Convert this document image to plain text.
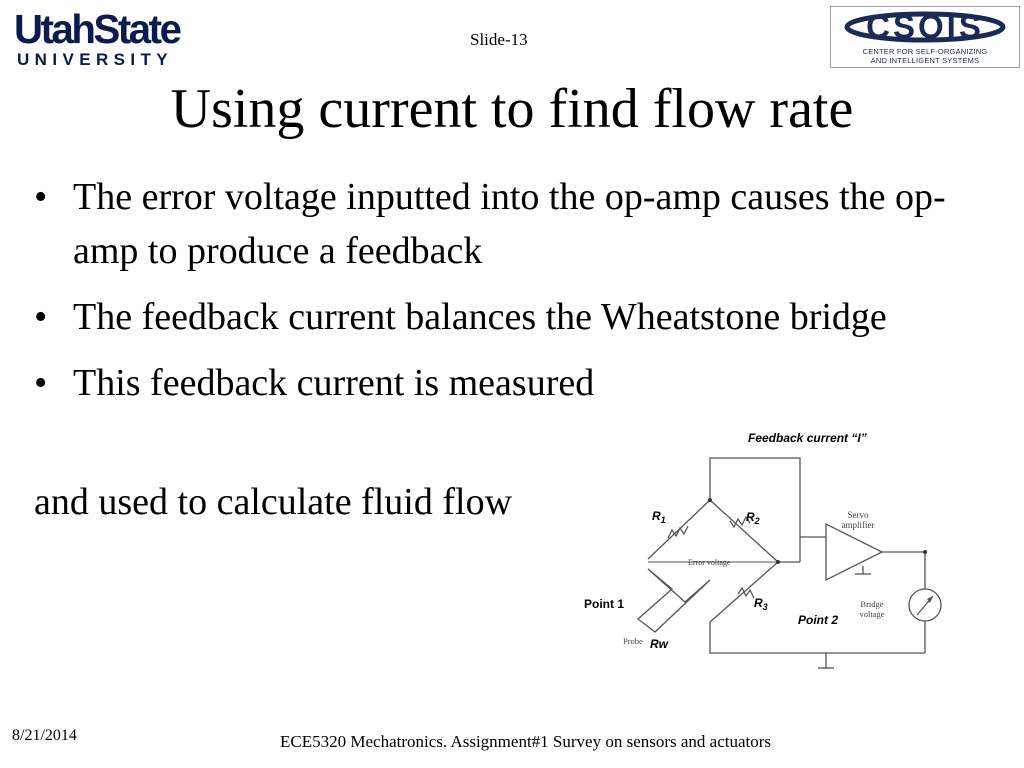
UtahState
UNIVERSITY
Slide-13	CSOIS
CENTER FOR SELF-ORGANIZING
AND INTELLIGENT SYSTEMS
Using current to find flow rate
• The error voltage inputted into the op-amp causes the op-amp to produce a feedback
• The feedback current balances the Wheatstone bridge
• This feedback current is measured
and used to calculate fluid flow
Feedback current “I”
$R_1$	$R_2$
$R_3$
Error voltage
Servo
amplifier
Point 1
Point 2
Bridge
voltage
Probe Rw
8/21/2014	ECE5320 Mechatronics. Assignment#1 Survey on sensors and actuators
